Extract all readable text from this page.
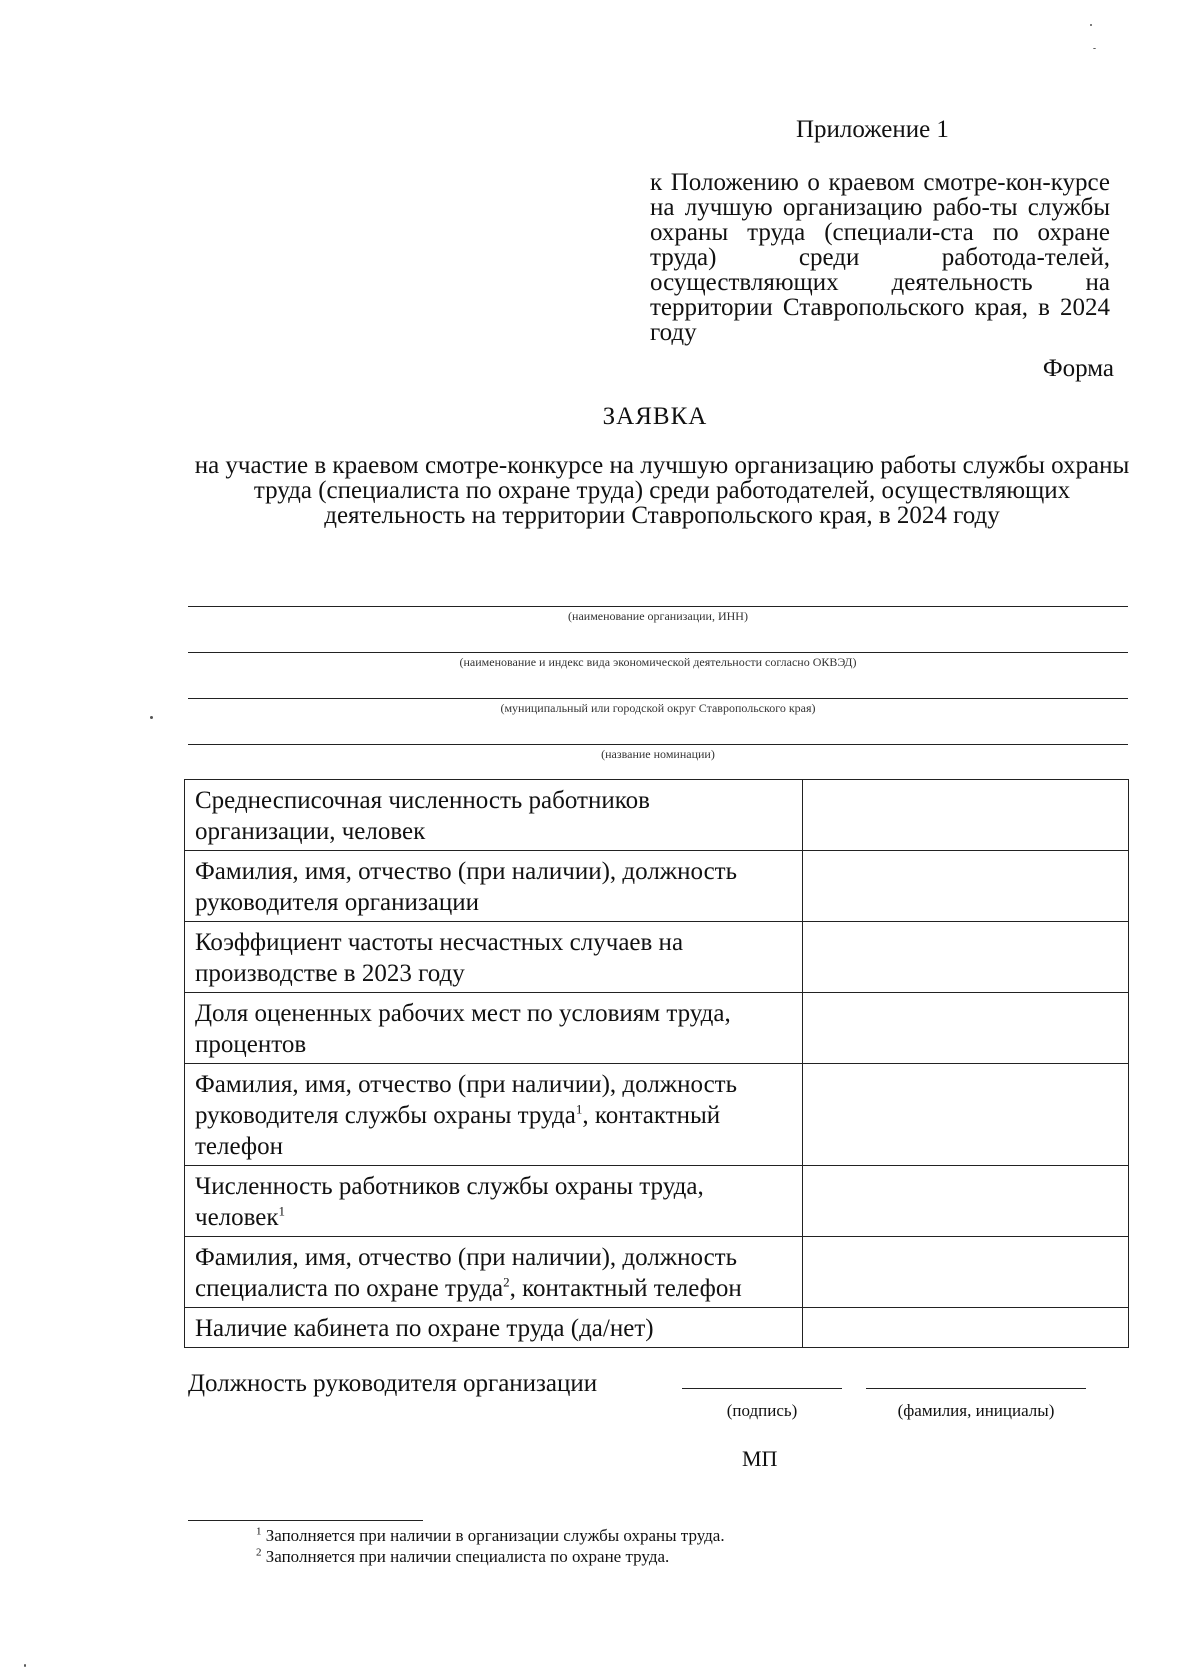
Приложение 1
к Положению о краевом смотре-кон-курсе на лучшую организацию рабо-ты службы охраны труда (специали-ста по охране труда) среди работода-телей, осуществляющих деятельность на территории Ставропольского края, в 2024 году
Форма
ЗАЯВКА
на участие в краевом смотре-конкурсе на лучшую организацию работы службы охраны труда (специалиста по охране труда) среди работодателей, осуществляющих деятельность на территории Ставропольского края, в 2024 году
(наименование организации, ИНН)
(наименование и индекс вида экономической деятельности согласно ОКВЭД)
(муниципальный или городской округ Ставропольского края)
(название номинации)
Среднесписочная численность работников организации, человек	
Фамилия, имя, отчество (при наличии), должность руководителя организации	
Коэффициент частоты несчастных случаев на производстве в 2023 году	
Доля оцененных рабочих мест по условиям труда, процентов	
Фамилия, имя, отчество (при наличии), должность руководителя службы охраны труда$^1$, контактный телефон	
Численность работников службы охраны труда, человек$^1$	
Фамилия, имя, отчество (при наличии), должность специалиста по охране труда$^2$, контактный телефон	
Наличие кабинета по охране труда (да/нет)	
Должность руководителя организации
(подпись)	(фамилия, инициалы)
МП
$^1$ Заполняется при наличии в организации службы охраны труда.
$^2$ Заполняется при наличии специалиста по охране труда.
